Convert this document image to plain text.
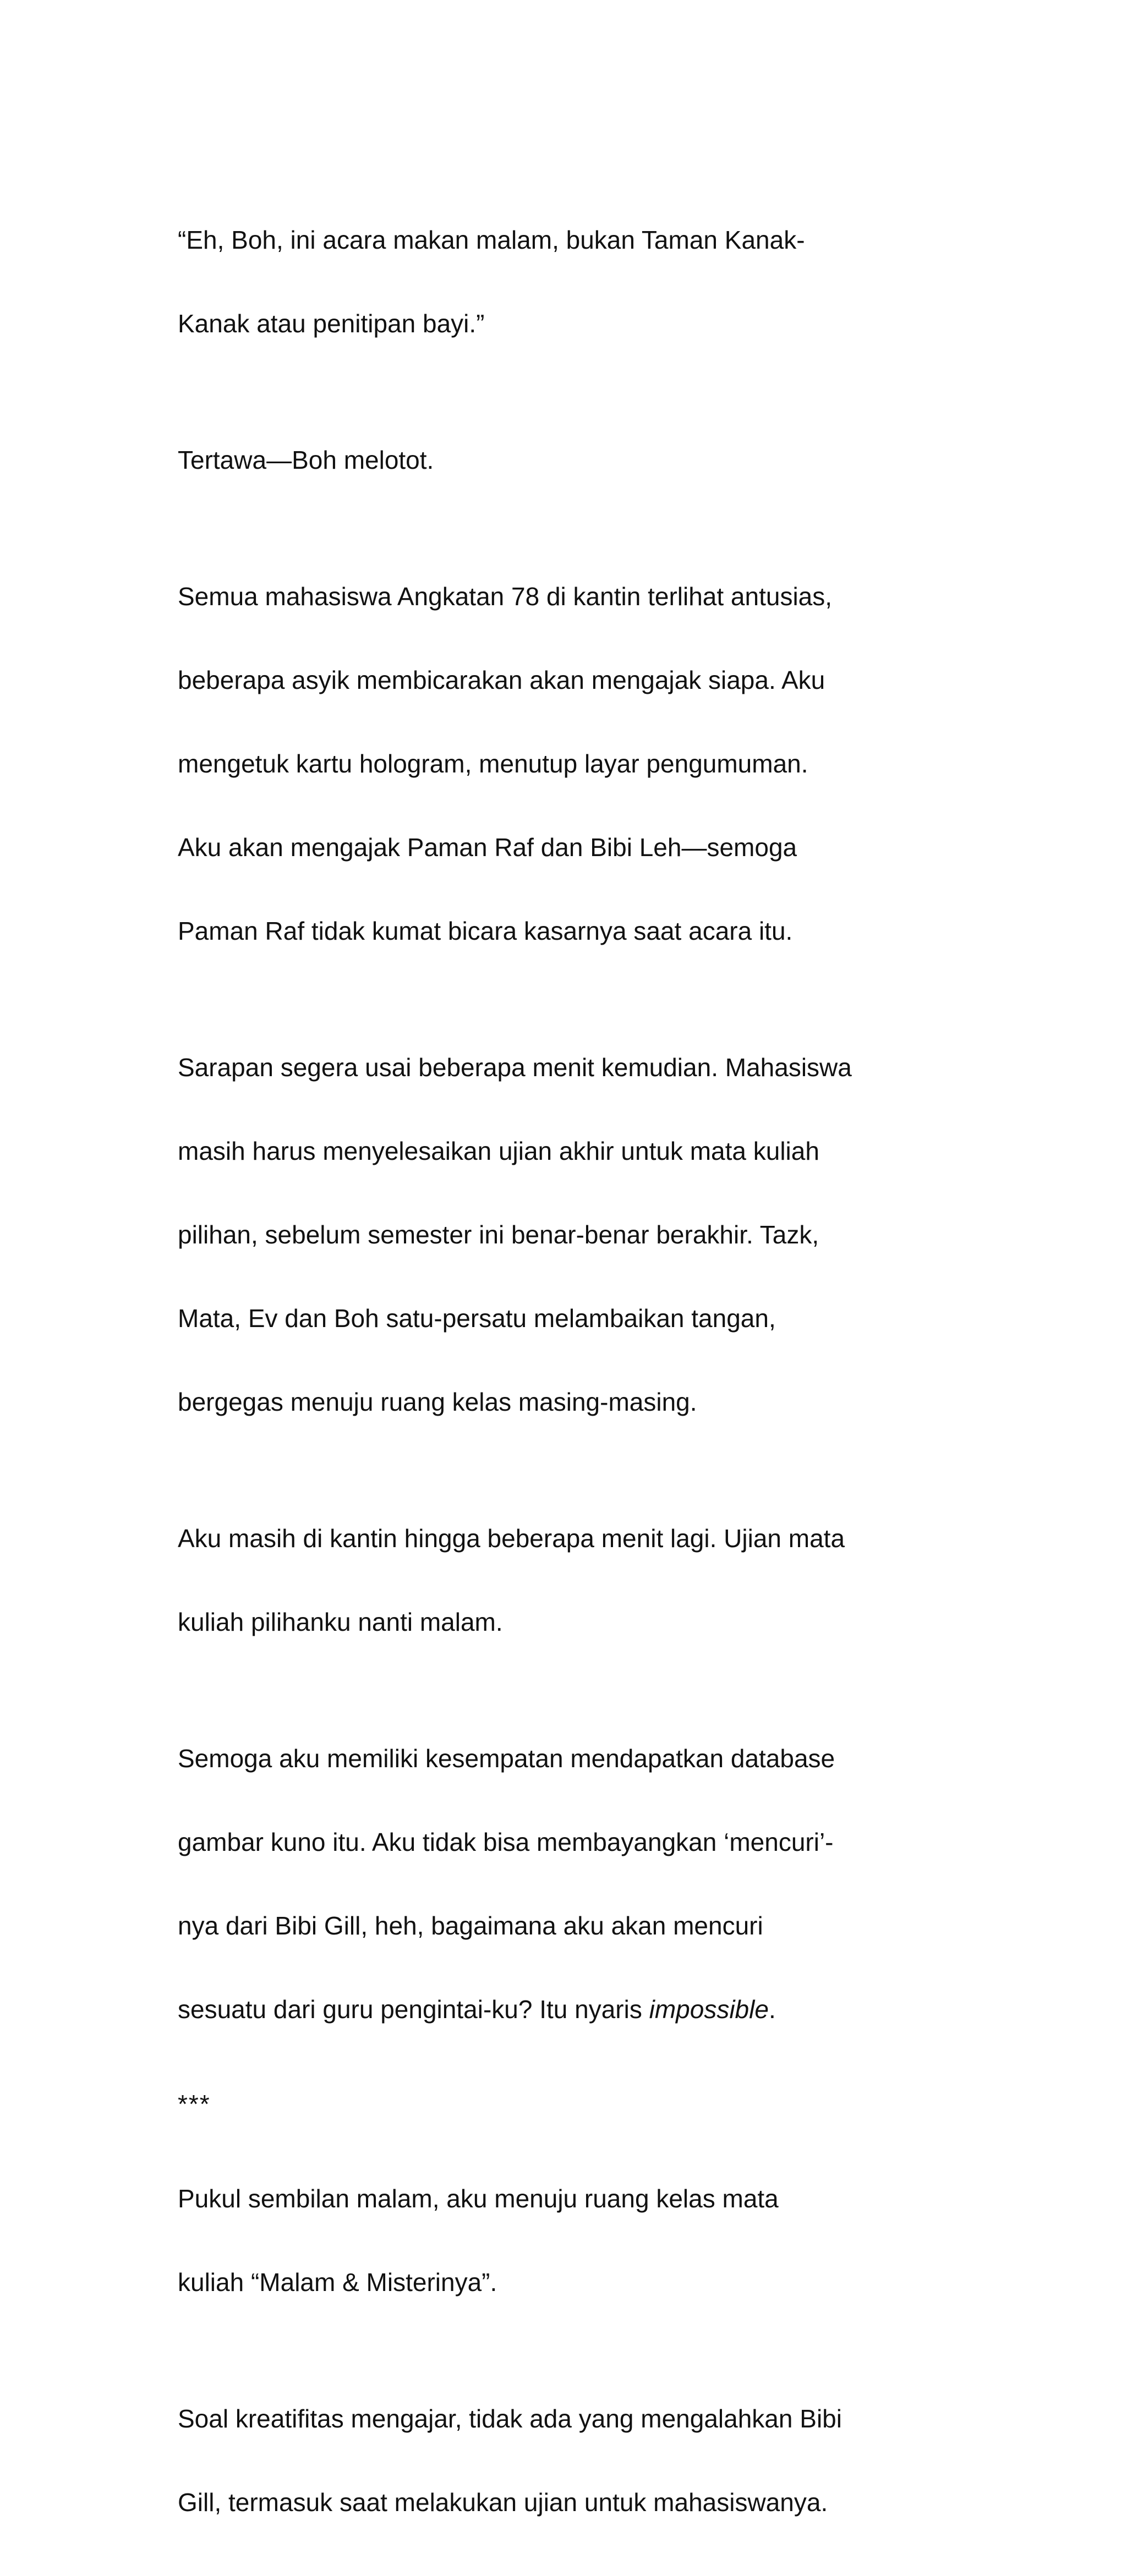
“Eh, Boh, ini acara makan malam, bukan Taman Kanak-

Kanak atau penitipan bayi.”

Tertawa—Boh melotot.

Semua mahasiswa Angkatan 78 di kantin terlihat antusias,

beberapa asyik membicarakan akan mengajak siapa. Aku

mengetuk kartu hologram, menutup layar pengumuman.

Aku akan mengajak Paman Raf dan Bibi Leh—semoga

Paman Raf tidak kumat bicara kasarnya saat acara itu.

Sarapan segera usai beberapa menit kemudian. Mahasiswa

masih harus menyelesaikan ujian akhir untuk mata kuliah

pilihan, sebelum semester ini benar-benar berakhir. Tazk,

Mata, Ev dan Boh satu-persatu melambaikan tangan,

bergegas menuju ruang kelas masing-masing.

Aku masih di kantin hingga beberapa menit lagi. Ujian mata

kuliah pilihanku nanti malam.

Semoga aku memiliki kesempatan mendapatkan database

gambar kuno itu. Aku tidak bisa membayangkan ‘mencuri’-

nya dari Bibi Gill, heh, bagaimana aku akan mencuri

sesuatu dari guru pengintai-ku? Itu nyaris impossible.

***

Pukul sembilan malam, aku menuju ruang kelas mata

kuliah “Malam & Misterinya”.

Soal kreatifitas mengajar, tidak ada yang mengalahkan Bibi

Gill, termasuk saat melakukan ujian untuk mahasiswanya.
